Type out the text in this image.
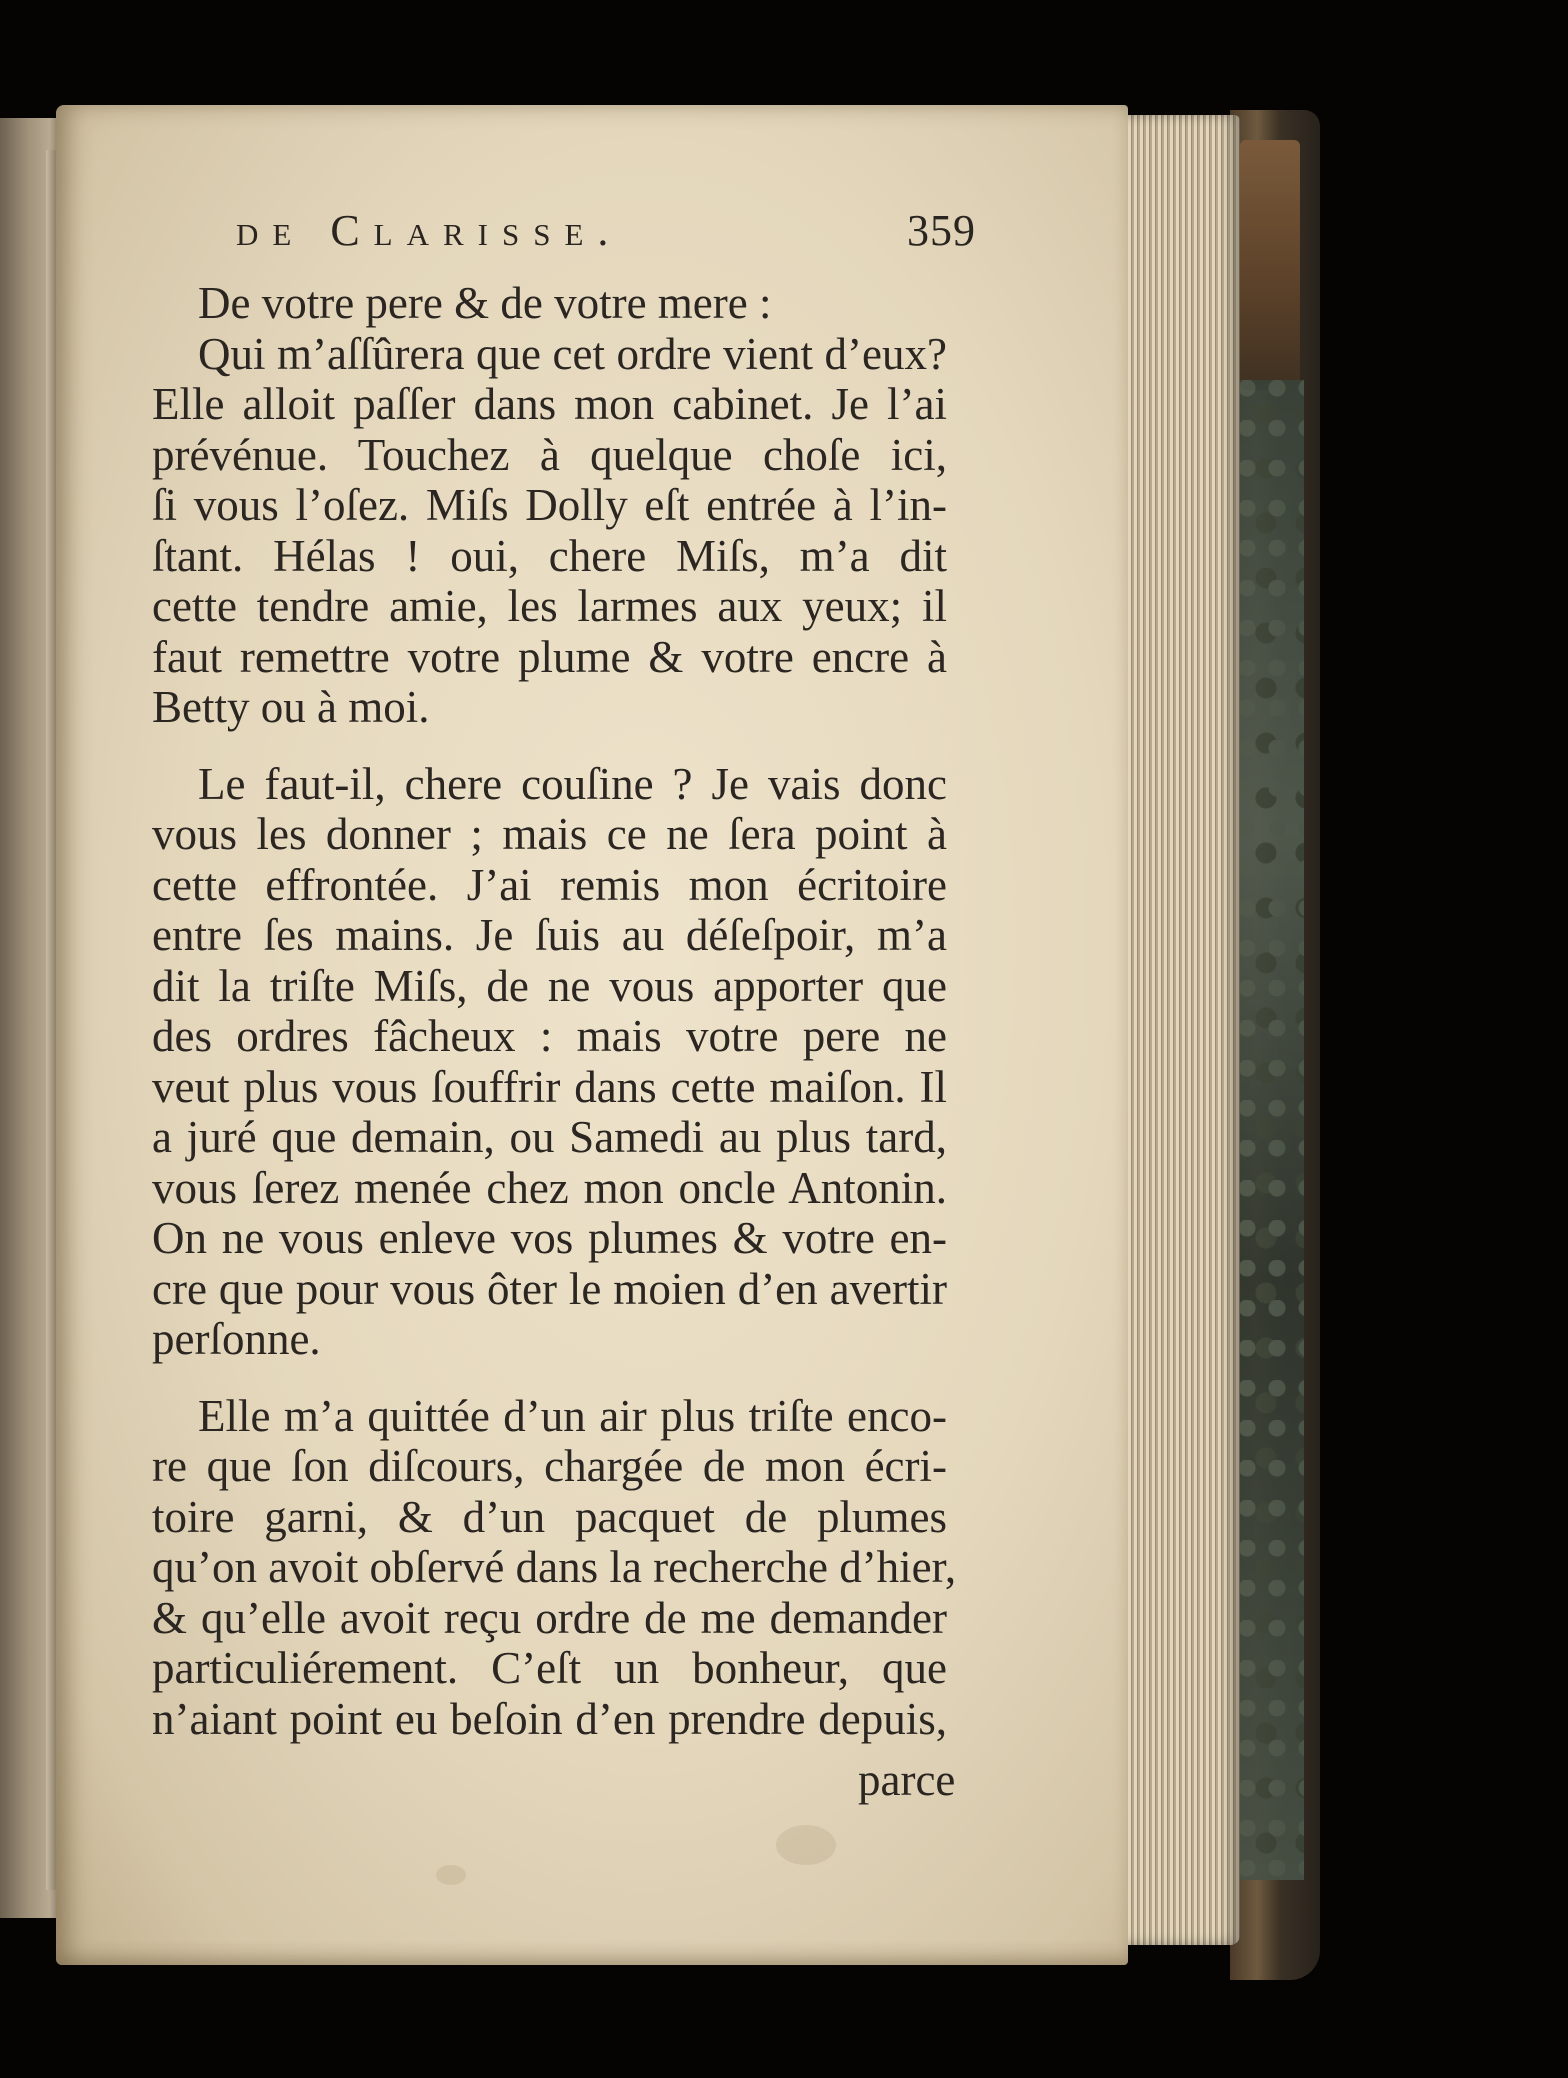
de Clarisse.	359
De votre pere & de votre mere :
Qui m’aſſûrera que cet ordre vient d’eux?
Elle alloit paſſer dans mon cabinet. Je l’ai
prévénue. Touchez à quelque choſe ici,
ſi vous l’oſez. Miſs Dolly eſt entrée à l’in-
ſtant. Hélas ! oui, chere Miſs, m’a dit
cette tendre amie, les larmes aux yeux; il
faut remettre votre plume & votre encre à
Betty ou à moi.
Le faut-il, chere couſine ? Je vais donc
vous les donner ; mais ce ne ſera point à
cette effrontée. J’ai remis mon écritoire
entre ſes mains. Je ſuis au déſeſpoir, m’a
dit la triſte Miſs, de ne vous apporter que
des ordres fâcheux : mais votre pere ne
veut plus vous ſouffrir dans cette maiſon. Il
a juré que demain, ou Samedi au plus tard,
vous ſerez menée chez mon oncle Antonin.
On ne vous enleve vos plumes & votre en-
cre que pour vous ôter le moien d’en avertir
perſonne.
Elle m’a quittée d’un air plus triſte enco-
re que ſon diſcours, chargée de mon écri-
toire garni, & d’un pacquet de plumes
qu’on avoit obſervé dans la recherche d’hier,
& qu’elle avoit reçu ordre de me demander
particuliérement. C’eſt un bonheur, que
n’aiant point eu beſoin d’en prendre depuis,
parce
